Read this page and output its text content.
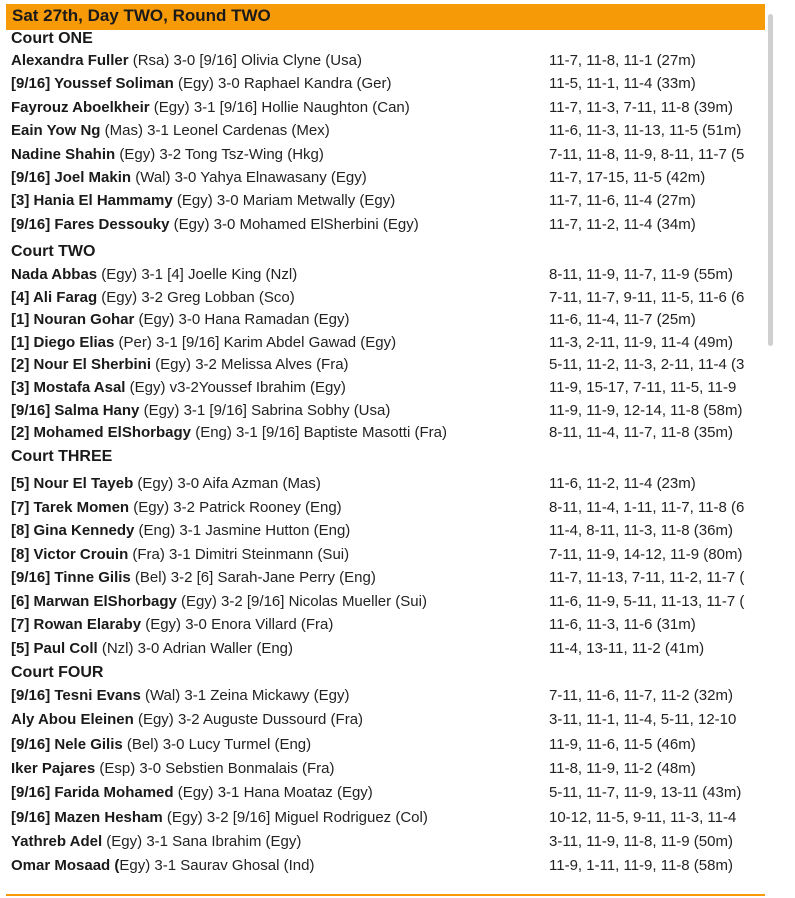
Sat 27th, Day TWO, Round TWO
Court ONE
Alexandra Fuller (Rsa) 3-0 [9/16] Olivia Clyne (Usa)	11-7, 11-8, 11-1 (27m)
[9/16] Youssef Soliman (Egy) 3-0 Raphael Kandra (Ger)	11-5, 11-1, 11-4 (33m)
Fayrouz Aboelkheir (Egy) 3-1 [9/16] Hollie Naughton (Can)	11-7, 11-3, 7-11, 11-8 (39m)
Eain Yow Ng (Mas) 3-1 Leonel Cardenas (Mex)	11-6, 11-3, 11-13, 11-5 (51m)
Nadine Shahin (Egy) 3-2 Tong Tsz-Wing (Hkg)	7-11, 11-8, 11-9, 8-11, 11-7 (5
[9/16] Joel Makin (Wal) 3-0 Yahya Elnawasany (Egy)	11-7, 17-15, 11-5 (42m)
[3] Hania El Hammamy (Egy) 3-0 Mariam Metwally (Egy)	11-7, 11-6, 11-4 (27m)
[9/16] Fares Dessouky (Egy) 3-0 Mohamed ElSherbini (Egy)	11-7, 11-2, 11-4 (34m)
Court TWO
Nada Abbas (Egy) 3-1 [4] Joelle King (Nzl)	8-11, 11-9, 11-7, 11-9 (55m)
[4] Ali Farag (Egy) 3-2 Greg Lobban (Sco)	7-11, 11-7, 9-11, 11-5, 11-6 (6
[1] Nouran Gohar (Egy) 3-0 Hana Ramadan (Egy)	11-6, 11-4, 11-7 (25m)
[1] Diego Elias (Per) 3-1 [9/16] Karim Abdel Gawad (Egy)	11-3, 2-11, 11-9, 11-4 (49m)
[2] Nour El Sherbini (Egy) 3-2 Melissa Alves (Fra)	5-11, 11-2, 11-3, 2-11, 11-4 (3
[3] Mostafa Asal (Egy) v3-2Youssef Ibrahim (Egy)	11-9, 15-17, 7-11, 11-5, 11-9
[9/16] Salma Hany (Egy) 3-1 [9/16] Sabrina Sobhy (Usa)	11-9, 11-9, 12-14, 11-8 (58m)
[2] Mohamed ElShorbagy (Eng) 3-1 [9/16] Baptiste Masotti (Fra)	8-11, 11-4, 11-7, 11-8 (35m)
Court THREE
[5] Nour El Tayeb (Egy) 3-0 Aifa Azman (Mas)	11-6, 11-2, 11-4 (23m)
[7] Tarek Momen (Egy) 3-2 Patrick Rooney (Eng)	8-11, 11-4, 1-11, 11-7, 11-8 (6
[8] Gina Kennedy (Eng) 3-1 Jasmine Hutton (Eng)	11-4, 8-11, 11-3, 11-8 (36m)
[8] Victor Crouin (Fra) 3-1 Dimitri Steinmann (Sui)	7-11, 11-9, 14-12, 11-9 (80m)
[9/16] Tinne Gilis (Bel) 3-2 [6] Sarah-Jane Perry (Eng)	11-7, 11-13, 7-11, 11-2, 11-7 (
[6] Marwan ElShorbagy (Egy) 3-2 [9/16] Nicolas Mueller (Sui)	11-6, 11-9, 5-11, 11-13, 11-7 (
[7] Rowan Elaraby (Egy) 3-0 Enora Villard (Fra)	11-6, 11-3, 11-6 (31m)
[5] Paul Coll (Nzl) 3-0 Adrian Waller (Eng)	11-4, 13-11, 11-2 (41m)
Court FOUR
[9/16] Tesni Evans (Wal) 3-1 Zeina Mickawy (Egy)	7-11, 11-6, 11-7, 11-2 (32m)
Aly Abou Eleinen (Egy) 3-2 Auguste Dussourd (Fra)	3-11, 11-1, 11-4, 5-11, 12-10
[9/16] Nele Gilis (Bel) 3-0 Lucy Turmel (Eng)	11-9, 11-6, 11-5 (46m)
Iker Pajares (Esp) 3-0 Sebstien Bonmalais (Fra)	11-8, 11-9, 11-2 (48m)
[9/16] Farida Mohamed (Egy) 3-1 Hana Moataz (Egy)	5-11, 11-7, 11-9, 13-11 (43m)
[9/16] Mazen Hesham (Egy) 3-2 [9/16] Miguel Rodriguez (Col)	10-12, 11-5, 9-11, 11-3, 11-4
Yathreb Adel (Egy) 3-1 Sana Ibrahim (Egy)	3-11, 11-9, 11-8, 11-9 (50m)
Omar Mosaad (Egy) 3-1 Saurav Ghosal (Ind)	11-9, 1-11, 11-9, 11-8 (58m)
